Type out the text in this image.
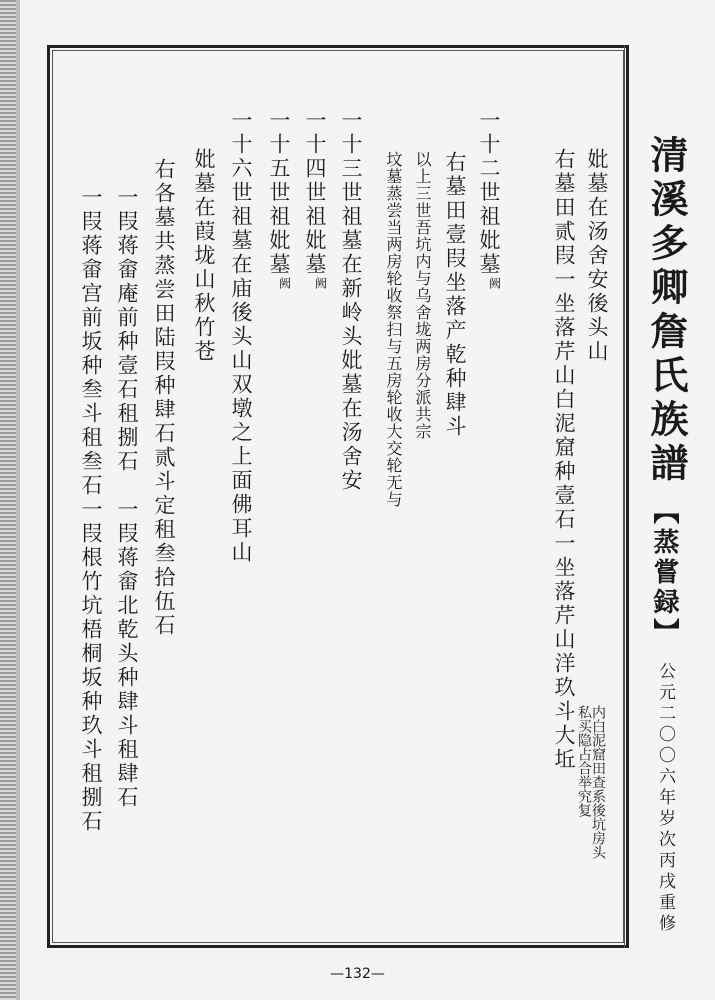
清溪多卿詹氏族譜
【蒸嘗録】
公元二〇〇六年岁次丙戌重修
妣墓在汤舍安後头山
右墓田贰叚一坐落芹山白泥窟种壹石一坐落芹山洋玖斗大坵
内白泥窟田查系後坑房头私买隐占合举究复
一十二世祖妣墓阙
右墓田壹叚坐落产乾种肆斗
以上三世吾坑内与乌舍垅两房分派共宗
坟墓蒸尝当两房轮收祭扫与五房轮收大交轮无与
一十三世祖墓在新岭头妣墓在汤舍安
一十四世祖妣墓阙
一十五世祖妣墓阙
一十六世祖墓在庙後头山双墩之上面佛耳山
妣墓在葭垅山秋竹苍
右各墓共蒸尝田陆叚种肆石贰斗定租叁拾伍石
一叚蒋畲庵前种壹石租捌石
一叚蒋畲北乾头种肆斗租肆石
一叚蒋畲宫前坂种叁斗租叁石
一叚根竹坑梧桐坂种玖斗租捌石
—132—
